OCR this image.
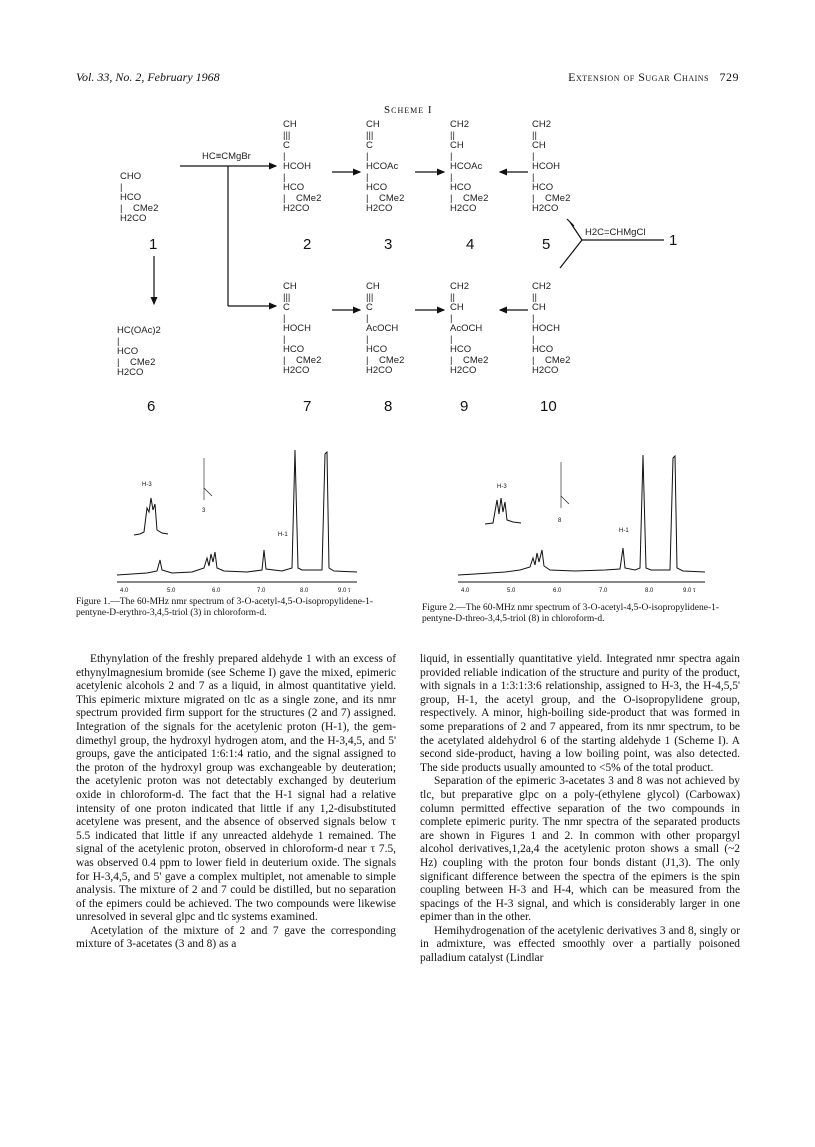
Vol. 33, No. 2, February 1968	Extension of Sugar Chains 729
Scheme I
CHO
|
HCO
|    CMe2
H2CO
CH
|||
C
|
HCOH
|
HCO
|    CMe2
H2CO
CH
|||
C
|
HCOAc
|
HCO
|    CMe2
H2CO
CH2
||
CH
|
HCOAc
|
HCO
|    CMe2
H2CO
CH2
||
CH
|
HCOH
|
HCO
|    CMe2
H2CO
HC(OAc)2
|
HCO
|    CMe2
H2CO
CH
|||
C
|
HOCH
|
HCO
|    CMe2
H2CO
CH
|||
C
|
AcOCH
|
HCO
|    CMe2
H2CO
CH2
||
CH
|
AcOCH
|
HCO
|    CMe2
H2CO
CH2
||
CH
|
HOCH
|
HCO
|    CMe2
H2CO
1	2	3	4	5
6	7	8	9	10
HC≡CMgBr
H2C=CHMgCl 1
4.0	5.0	6.0	7.0	8.0	9.0 τ
H-3
H-1
3
Figure 1.—The 60-MHz nmr spectrum of 3-O-acetyl-4,5-O-isopropylidene-1-pentyne-D-erythro-3,4,5-triol (3) in chloroform-d.
4.0	5.0	6.0	7.0	8.0	9.0 τ
H-3
H-1
8
Figure 2.—The 60-MHz nmr spectrum of 3-O-acetyl-4,5-O-isopropylidene-1-pentyne-D-threo-3,4,5-triol (8) in chloroform-d.

Ethynylation of the freshly prepared aldehyde 1 with an excess of ethynylmagnesium bromide (see Scheme I) gave the mixed, epimeric acetylenic alcohols 2 and 7 as a liquid, in almost quantitative yield. This epimeric mixture migrated on tlc as a single zone, and its nmr spectrum provided firm support for the structures (2 and 7) assigned. Integration of the signals for the acetylenic proton (H-1), the gem-dimethyl group, the hydroxyl hydrogen atom, and the H-3,4,5, and 5' groups, gave the anticipated 1:6:1:4 ratio, and the signal assigned to the proton of the hydroxyl group was exchangeable by deuteration; the acetylenic proton was not detectably exchanged by deuterium oxide in chloroform-d. The fact that the H-1 signal had a relative intensity of one proton indicated that little if any 1,2-disubstituted acetylene was present, and the absence of observed signals below τ 5.5 indicated that little if any unreacted aldehyde 1 remained. The signal of the acetylenic proton, observed in chloroform-d near τ 7.5, was observed 0.4 ppm to lower field in deuterium oxide. The signals for H-3,4,5, and 5' gave a complex multiplet, not amenable to simple analysis. The mixture of 2 and 7 could be distilled, but no separation of the epimers could be achieved. The two compounds were likewise unresolved in several glpc and tlc systems examined.

Acetylation of the mixture of 2 and 7 gave the corresponding mixture of 3-acetates (3 and 8) as a

liquid, in essentially quantitative yield. Integrated nmr spectra again provided reliable indication of the structure and purity of the product, with signals in a 1:3:1:3:6 relationship, assigned to H-3, the H-4,5,5' group, H-1, the acetyl group, and the O-isopropylidene group, respectively. A minor, high-boiling side-product that was formed in some preparations of 2 and 7 appeared, from its nmr spectrum, to be the acetylated aldehydrol 6 of the starting aldehyde 1 (Scheme I). A second side-product, having a low boiling point, was also detected. The side products usually amounted to <5% of the total product.

Separation of the epimeric 3-acetates 3 and 8 was not achieved by tlc, but preparative glpc on a poly-(ethylene glycol) (Carbowax) column permitted effective separation of the two compounds in complete epimeric purity. The nmr spectra of the separated products are shown in Figures 1 and 2. In common with other propargyl alcohol derivatives,1,2a,4 the acetylenic proton shows a small (~2 Hz) coupling with the proton four bonds distant (J1,3). The only significant difference between the spectra of the epimers is the spin coupling between H-3 and H-4, which can be measured from the spacings of the H-3 signal, and which is considerably larger in one epimer than in the other.

Hemihydrogenation of the acetylenic derivatives 3 and 8, singly or in admixture, was effected smoothly over a partially poisoned palladium catalyst (Lindlar
